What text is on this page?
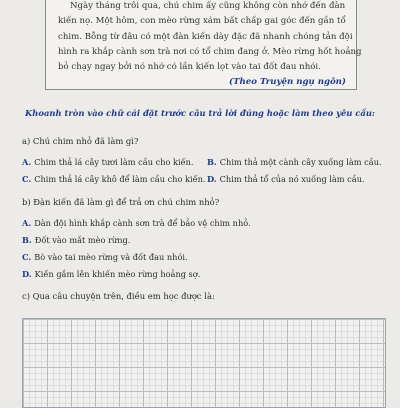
Ngày tháng trôi qua, chú chim ấy cũng không còn nhớ đến đàn
kiến nọ. Một hôm, con mèo rừng xám bất chấp gai góc đến gần tổ
chim. Bỗng từ đâu có một đàn kiến dày đặc đã nhanh chóng tản đội
hình ra khắp cành sơn trà nơi có tổ chim đang ở. Mèo rừng hốt hoảng
bỏ chạy ngay bởi nó nhớ có lần kiến lọt vào tai đốt đau nhói.
(Theo Truyện ngụ ngôn)
Khoanh tròn vào chữ cái đặt trước câu trả lời đúng hoặc làm theo yêu cầu:
a) Chú chim nhỏ đã làm gì?
A. Chim thả lá cây tươi làm cầu cho kiến. B. Chim thả một cành cây xuống làm cầu.
C. Chim thả lá cây khô để làm cầu cho kiến. D. Chim thả tổ của nó xuống làm cầu.
b) Đàn kiến đã làm gì để trả ơn chú chim nhỏ?
A. Dàn đội hình khắp cành sơn trà để bảo vệ chim nhỏ.
B. Đốt vào mắt mèo rừng.
C. Bò vào tai mèo rừng và đốt đau nhói.
D. Kiến gắm lên khiến mèo rừng hoảng sợ.
c) Qua câu chuyện trên, điều em học được là:
